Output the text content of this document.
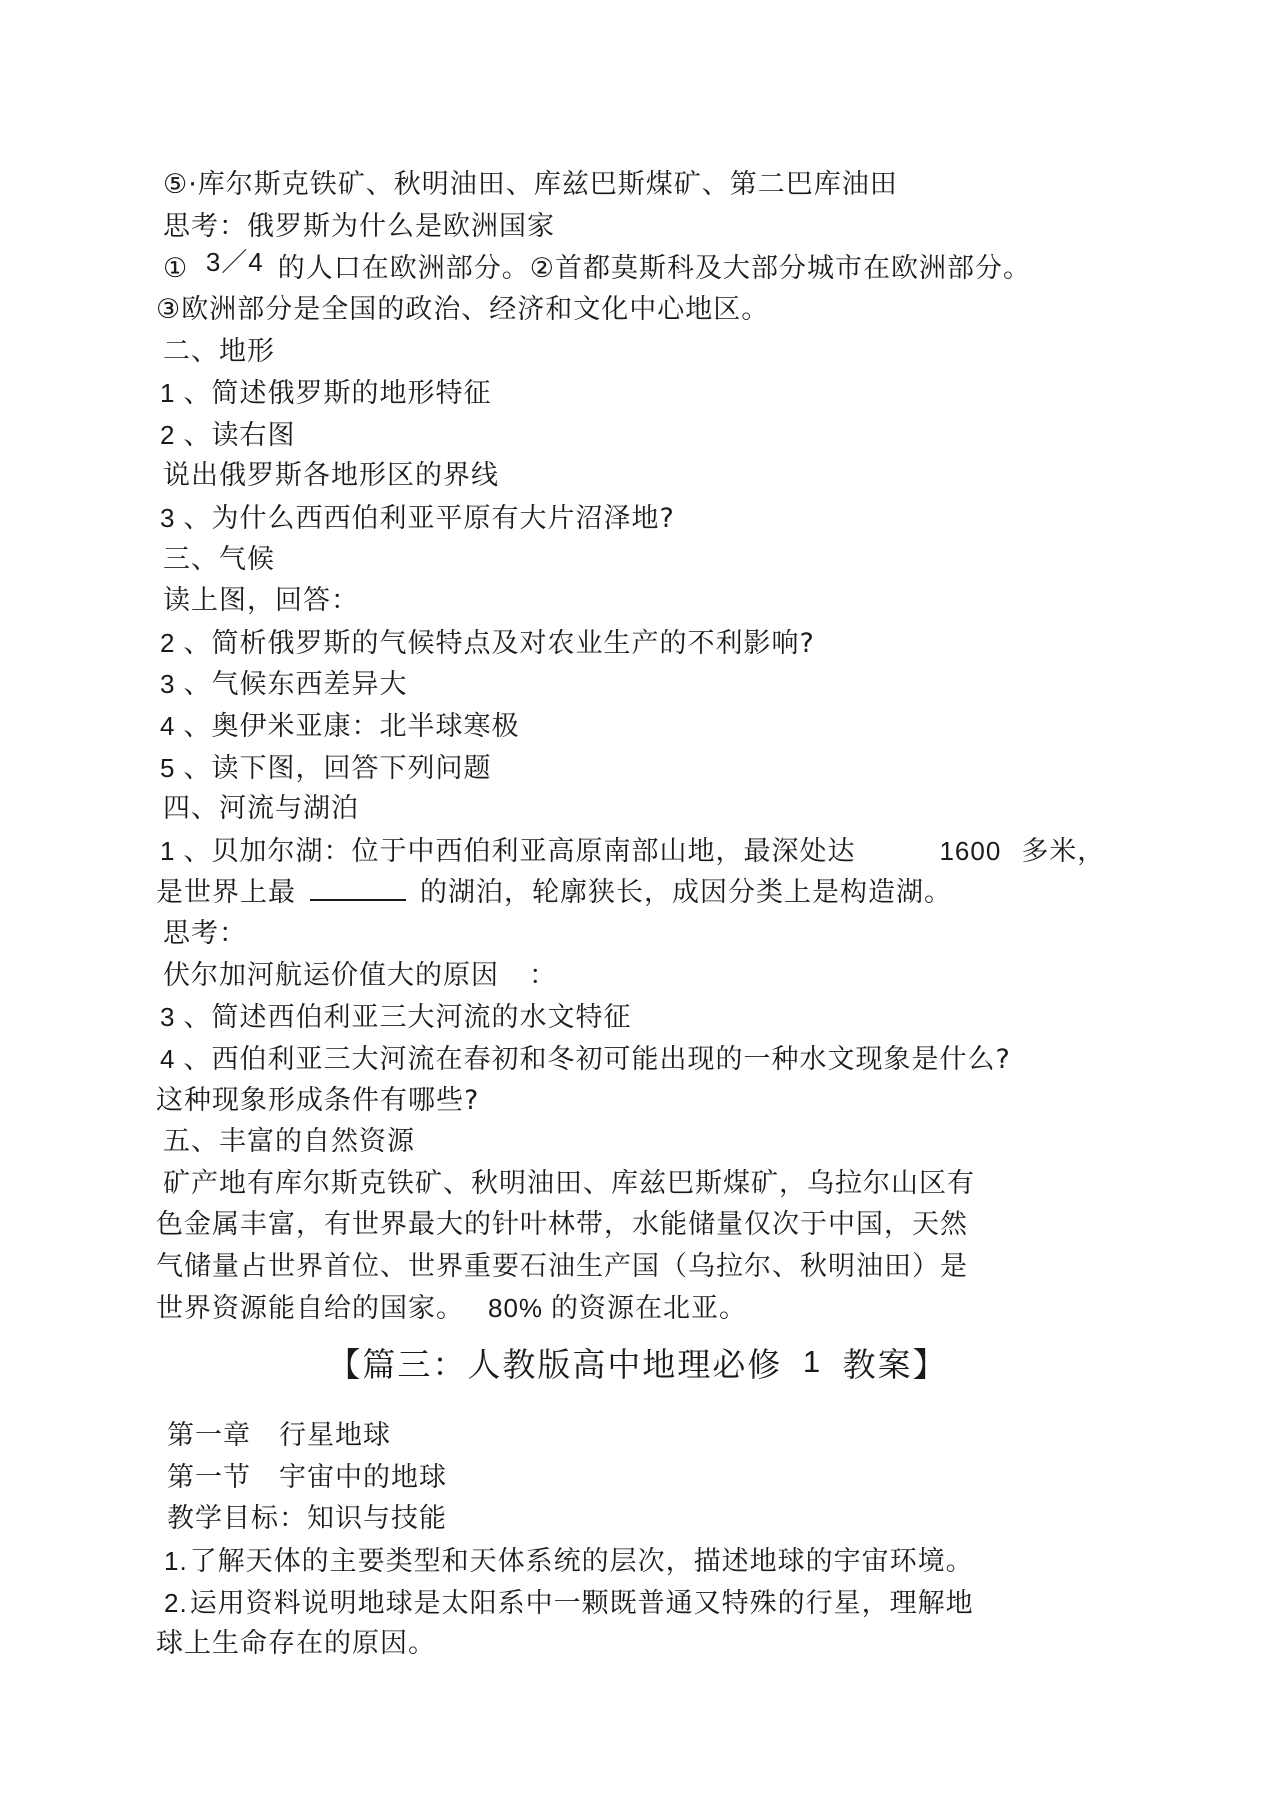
⑤·库尔斯克铁矿、秋明油田、库兹巴斯煤矿、第二巴库油田
思考：俄罗斯为什么是欧洲国家
① 3／4 的人口在欧洲部分。②首都莫斯科及大部分城市在欧洲部分。
③欧洲部分是全国的政治、经济和文化中心地区。
二、地形
1 、简述俄罗斯的地形特征
2 、读右图
说出俄罗斯各地形区的界线
3 、为什么西西伯利亚平原有大片沼泽地?
三、气候
读上图，回答：
2 、简析俄罗斯的气候特点及对农业生产的不利影响?
3 、气候东西差异大
4 、奥伊米亚康：北半球寒极
5 、读下图，回答下列问题
四、河流与湖泊
1 、贝加尔湖：位于中西伯利亚高原南部山地，最深处达	1600 多米，
是世界上最	的湖泊，轮廓狭长，成因分类上是构造湖。
思考：
伏尔加河航运价值大的原因 ：
3 、简述西伯利亚三大河流的水文特征
4 、西伯利亚三大河流在春初和冬初可能出现的一种水文现象是什么?
这种现象形成条件有哪些?
五、丰富的自然资源
矿产地有库尔斯克铁矿、秋明油田、库兹巴斯煤矿，乌拉尔山区有
色金属丰富，有世界最大的针叶林带，水能储量仅次于中国，天然
气储量占世界首位、世界重要石油生产国（乌拉尔、秋明油田）是
世界资源能自给的国家。 80% 的资源在北亚。
【篇三：人教版高中地理必修 1 教案】
第一章　行星地球
第一节　宇宙中的地球
教学目标：知识与技能
1.了解天体的主要类型和天体系统的层次，描述地球的宇宙环境。
2.运用资料说明地球是太阳系中一颗既普通又特殊的行星，理解地
球上生命存在的原因。
